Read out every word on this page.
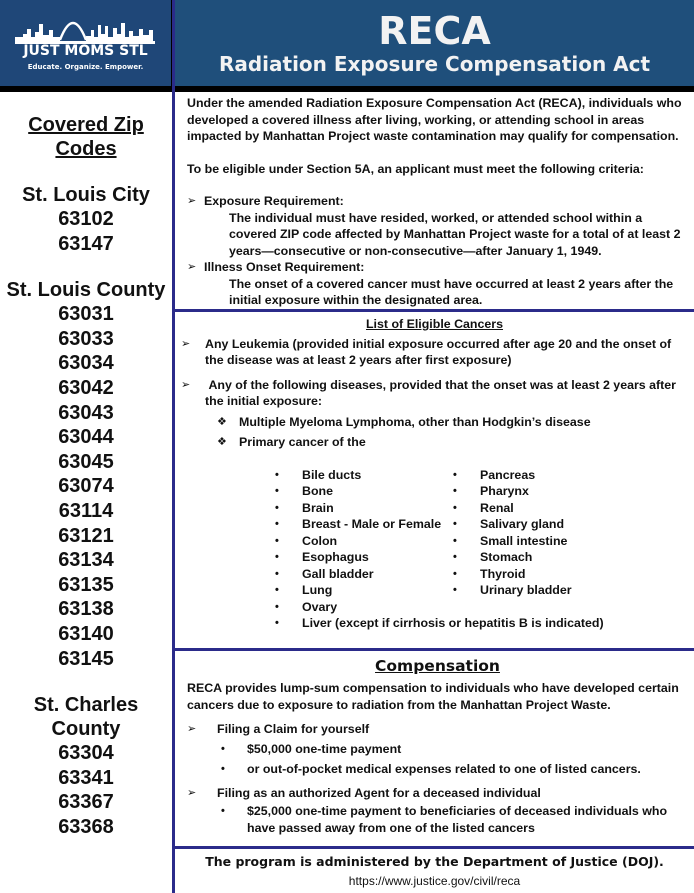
JUST MOMS STL
Educate. Organize. Empower.
RECA
Radiation Exposure Compensation Act
Covered Zip Codes
St. Louis City
63102
63147
St. Louis County
63031
63033
63034
63042
63043
63044
63045
63074
63114
63121
63134
63135
63138
63140
63145
St. Charles County
63304
63341
63367
63368
Under the amended Radiation Exposure Compensation Act (RECA), individuals who developed a covered illness after living, working, or attending school in areas impacted by Manhattan Project waste contamination may qualify for compensation.
To be eligible under Section 5A, an applicant must meet the following criteria:
➢ Exposure Requirement:
The individual must have resided, worked, or attended school within a covered ZIP code affected by Manhattan Project waste for a total of at least 2 years—consecutive or non-consecutive—after January 1, 1949.
➢ Illness Onset Requirement:
The onset of a covered cancer must have occurred at least 2 years after the initial exposure within the designated area.
List of Eligible Cancers
➢ Any Leukemia (provided initial exposure occurred after age 20 and the onset of the disease was at least 2 years after first exposure)
➢ Any of the following diseases, provided that the onset was at least 2 years after the initial exposure:
❖ Multiple Myeloma Lymphoma, other than Hodgkin’s disease
❖ Primary cancer of the
• Bile ducts
• Bone
• Brain
• Breast - Male or Female
• Colon
• Esophagus
• Gall bladder
• Lung
• Ovary
• Pancreas
• Pharynx
• Renal
• Salivary gland
• Small intestine
• Stomach
• Thyroid
• Urinary bladder
• Liver (except if cirrhosis or hepatitis B is indicated)
Compensation
RECA provides lump-sum compensation to individuals who have developed certain cancers due to exposure to radiation from the Manhattan Project Waste.
➢ Filing a Claim for yourself
• $50,000 one-time payment
• or out-of-pocket medical expenses related to one of listed cancers.
➢ Filing as an authorized Agent for a deceased individual
• $25,000 one-time payment to beneficiaries of deceased individuals who have passed away from one of the listed cancers
The program is administered by the Department of Justice (DOJ).
https://www.justice.gov/civil/reca
